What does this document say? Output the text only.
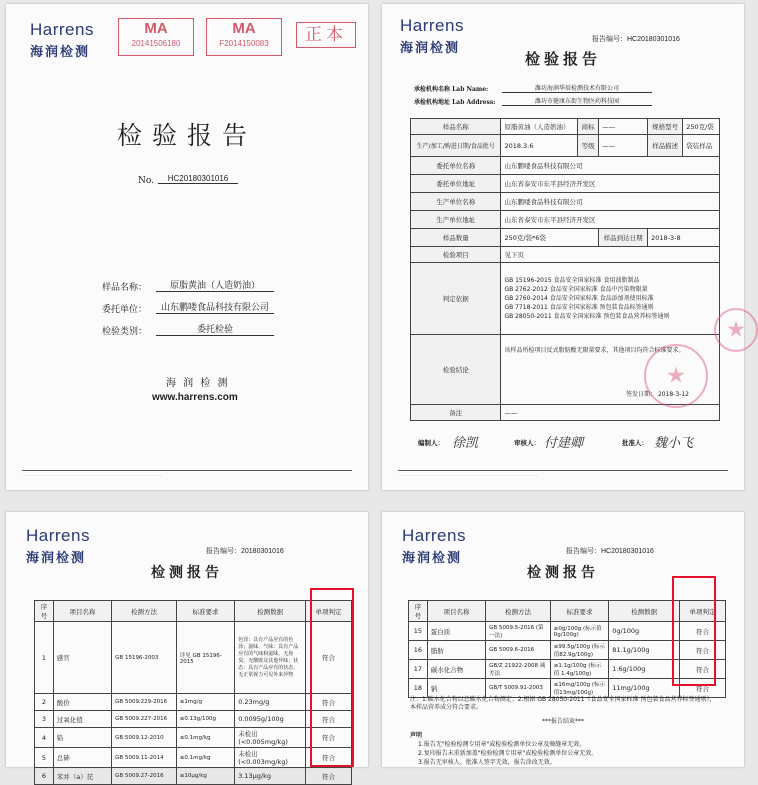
Harrens
海润检测
MA
20141506180
MA
F2014150083	正本
检验报告
No.	HC20180301016
样品名称：	原脂黄油（人造奶油）
委托单位：	山东鹏喽食品科技有限公司
检验类别：	委托检验
海 润 检 测
www.harrens.com
· · · · · · · · · · · · · · · · · · · · · · · · · · · · · · · · · · · · · · · · · · · · · · · · · · · · · · · · · · · · · · ·
Harrens
海润检测
报告编号：HC20180301016
检验报告
承检机构名称 Lab Name:	潍坊海润华辰检测技术有限公司
承检机构地址 Lab Address:	潍坊市健康东街生物医药科技园
样品名称	原脂黄油（人造奶油）	商标	——	规格型号	250克/袋
生产/加工/购进日期/食品批号	2018.3.6	等级	——	样品描述	袋装样品
委托单位名称	山东鹏喽食品科技有限公司				
委托单位地址	山东省泰安市东平县经济开发区				
生产单位名称	山东鹏喽食品科技有限公司				
生产单位地址	山东省泰安市东平县经济开发区				
样品数量	250克/袋*6袋		样品到达日期	2018-3-8	
检验项目	见下页				
判定依据	GB 15196-2015 食品安全国家标准 食用油脂制品
GB 2762-2012 食品安全国家标准 食品中污染物限量
GB 2760-2014 食品安全国家标准 食品添加剂使用标准
GB 7718-2011 食品安全国家标准 预包装食品标签通则
GB 28050-2011 食品安全国家标准 预包装食品营养标签通则				

检验结论	该样品所检项目反式脂肪酸无限量要求，其他项目均符合标准要求。
签发日期： 2018-3-12				

备注	——				
★
★
编制人： 徐凯	审核人： 付建卿	批准人： 魏小飞
· · · · · · · · · · · · · · · · · · · · · · · · · · · · · · · · · · · · · · · · · · · · · · · · · · · · · · · · · · · · · · ·
Harrens
海润检测	报告编号：20180301016
检测报告
序号	项目名称	检测方法	标准要求	检测数据	单项判定
1	感官	GB 15196-2003	详见 GB 15196-2015	色泽：具有产品应有的色泽；滋味、气味：具有产品应有的气味和滋味，无焦臭、无酸败及其他异味；状态：具有产品应有的状态，无正常视力可见外来异物	符合
2	酸价	GB 5009.229-2016	≤1mg/g	0.23mg/g	符合
3	过氧化值	GB 5009.227-2016	≤0.13g/100g	0.0095g/100g	符合
4	铅	GB 5009.12-2010	≤0.1mg/kg	未检出(<0.005mg/kg)	符合
5	总砷	GB 5009.11-2014	≤0.1mg/kg	未检出(<0.003mg/kg)	符合
6	苯并（a）芘	GB 5009.27-2016	≤10μg/kg	3.13μg/kg	符合
Harrens
海润检测	报告编号：HC20180301016
检测报告
序号	项目名称	检测方法	标准要求	检测数据	单项判定
15	蛋白质	GB 5009.5-2016 (第一法)	≥0g/100g (标示值 0g/100g)	0g/100g	符合
16	脂肪	GB 5009.6-2016	≤99.5g/100g (标示值82.9g/100g)	81.1g/100g	符合
17	碳水化合物	GB/Z 21922-2008 减差法	≤1.1g/100g (标示值 1.4g/100g)	1.6g/100g	符合
18	钠	GB/T 5009.91-2003	≤16mg/100g (标示值13mg/100g)	11mg/100g	符合
注：1.碳水化合物以总碳水化合物测定；2.根据 GB 28050-2011《食品安全国家标准 预包装食品营养标签通则》，本样品营养成分符合要求。
***报告结束***
声明
1.报告无"检验检测专用章"或检验检测单位公章及骑缝章无效。
2.复印报告未重新加盖"检验检测专用章"或检验检测单位公章无效。
3.报告无审核人、批准人签字无效，报告涂改无效。
